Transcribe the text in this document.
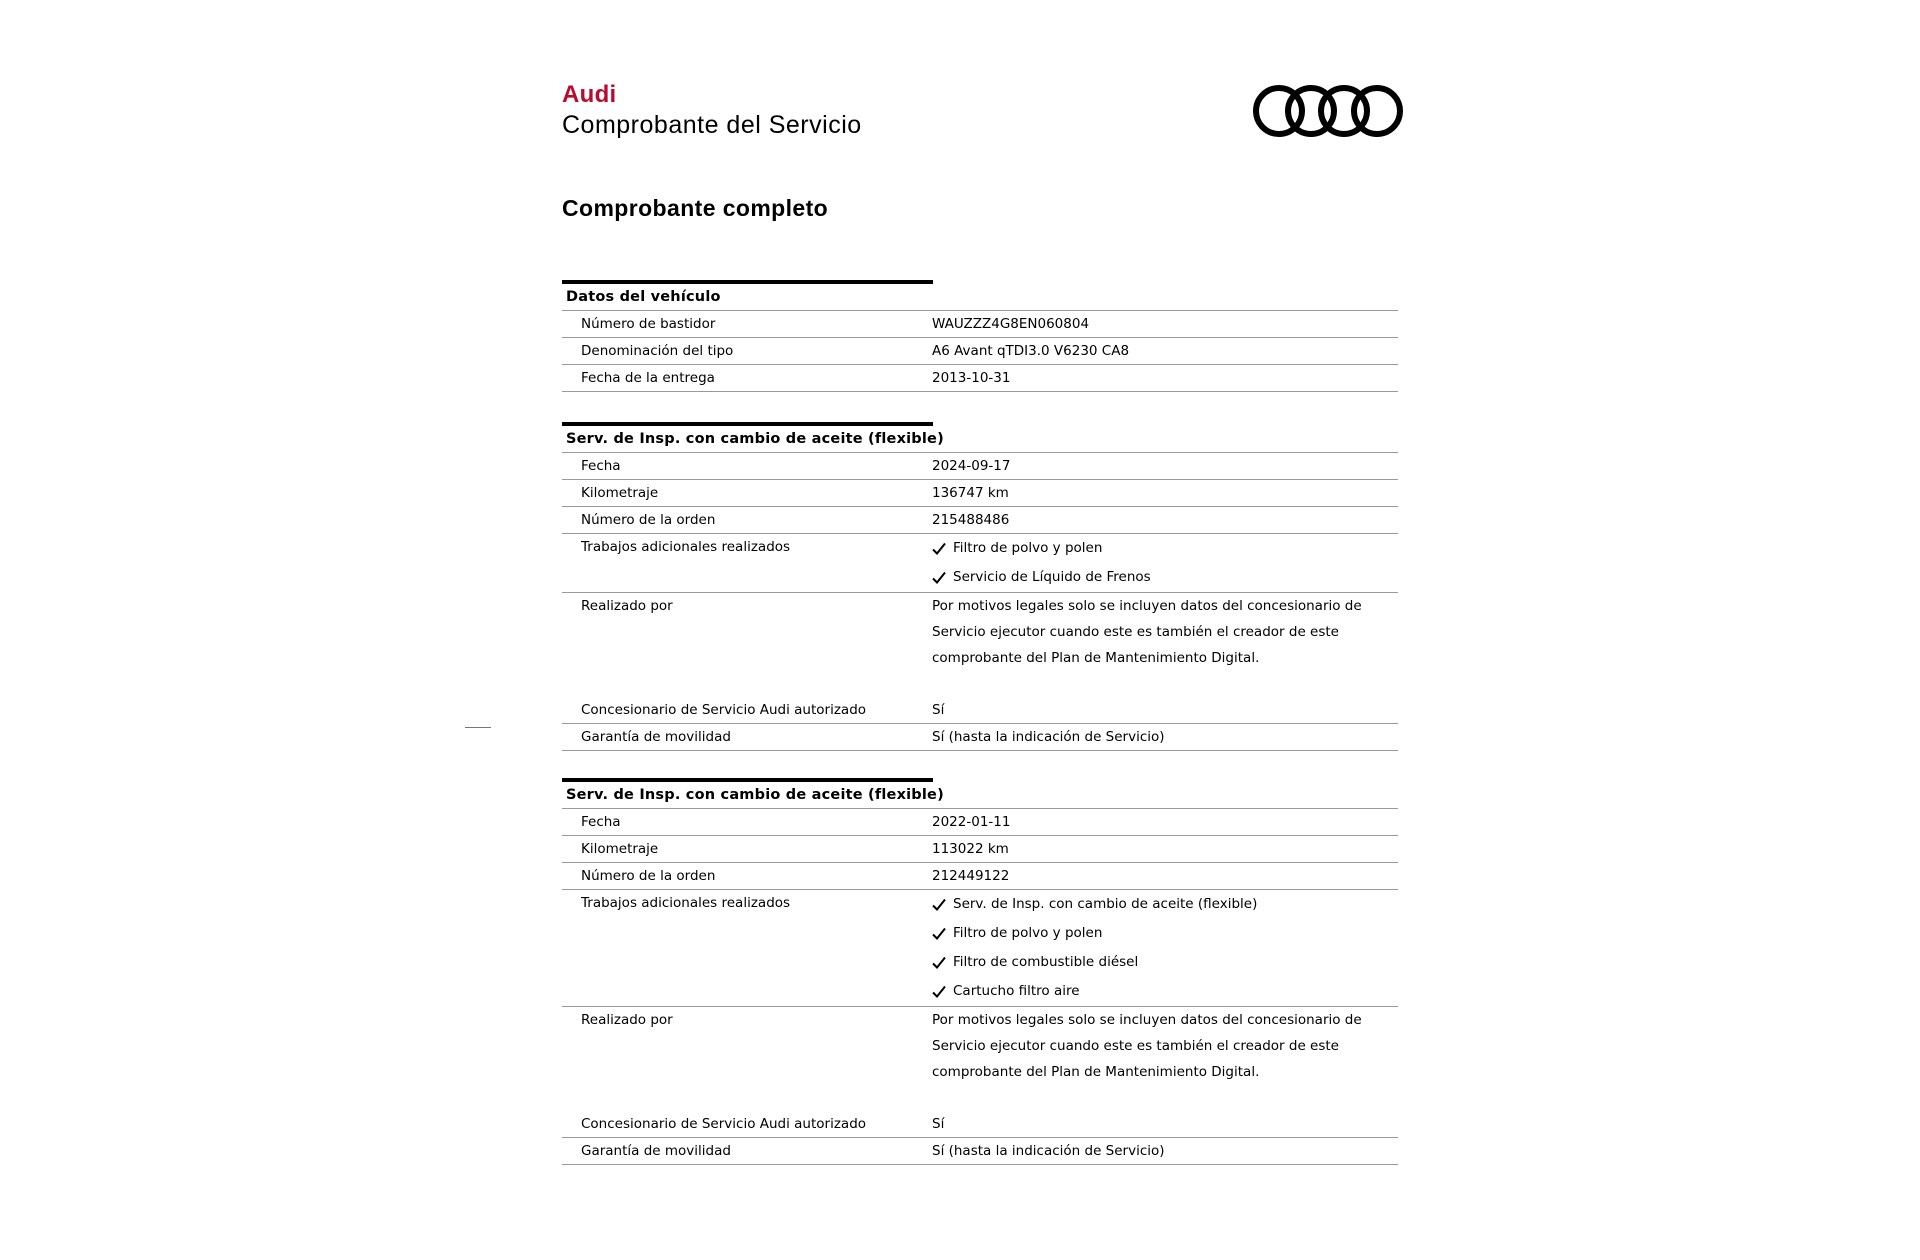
Audi
Comprobante del Servicio
Comprobante completo
Datos del vehículo
Número de bastidor	WAUZZZ4G8EN060804
Denominación del tipo	A6 Avant qTDI3.0 V6230 CA8
Fecha de la entrega	2013-10-31
Serv. de Insp. con cambio de aceite (flexible)
Fecha	2024-09-17
Kilometraje	136747 km
Número de la orden	215488486
Trabajos adicionales realizados	Filtro de polvo y polen
Servicio de Líquido de Frenos
Realizado por	Por motivos legales solo se incluyen datos del concesionario de
Servicio ejecutor cuando este es también el creador de este
comprobante del Plan de Mantenimiento Digital.
Concesionario de Servicio Audi autorizado	Sí
Garantía de movilidad	Sí (hasta la indicación de Servicio)
Serv. de Insp. con cambio de aceite (flexible)
Fecha	2022-01-11
Kilometraje	113022 km
Número de la orden	212449122
Trabajos adicionales realizados	Serv. de Insp. con cambio de aceite (flexible)
Filtro de polvo y polen
Filtro de combustible diésel
Cartucho filtro aire
Realizado por	Por motivos legales solo se incluyen datos del concesionario de
Servicio ejecutor cuando este es también el creador de este
comprobante del Plan de Mantenimiento Digital.
Concesionario de Servicio Audi autorizado	Sí
Garantía de movilidad	Sí (hasta la indicación de Servicio)
